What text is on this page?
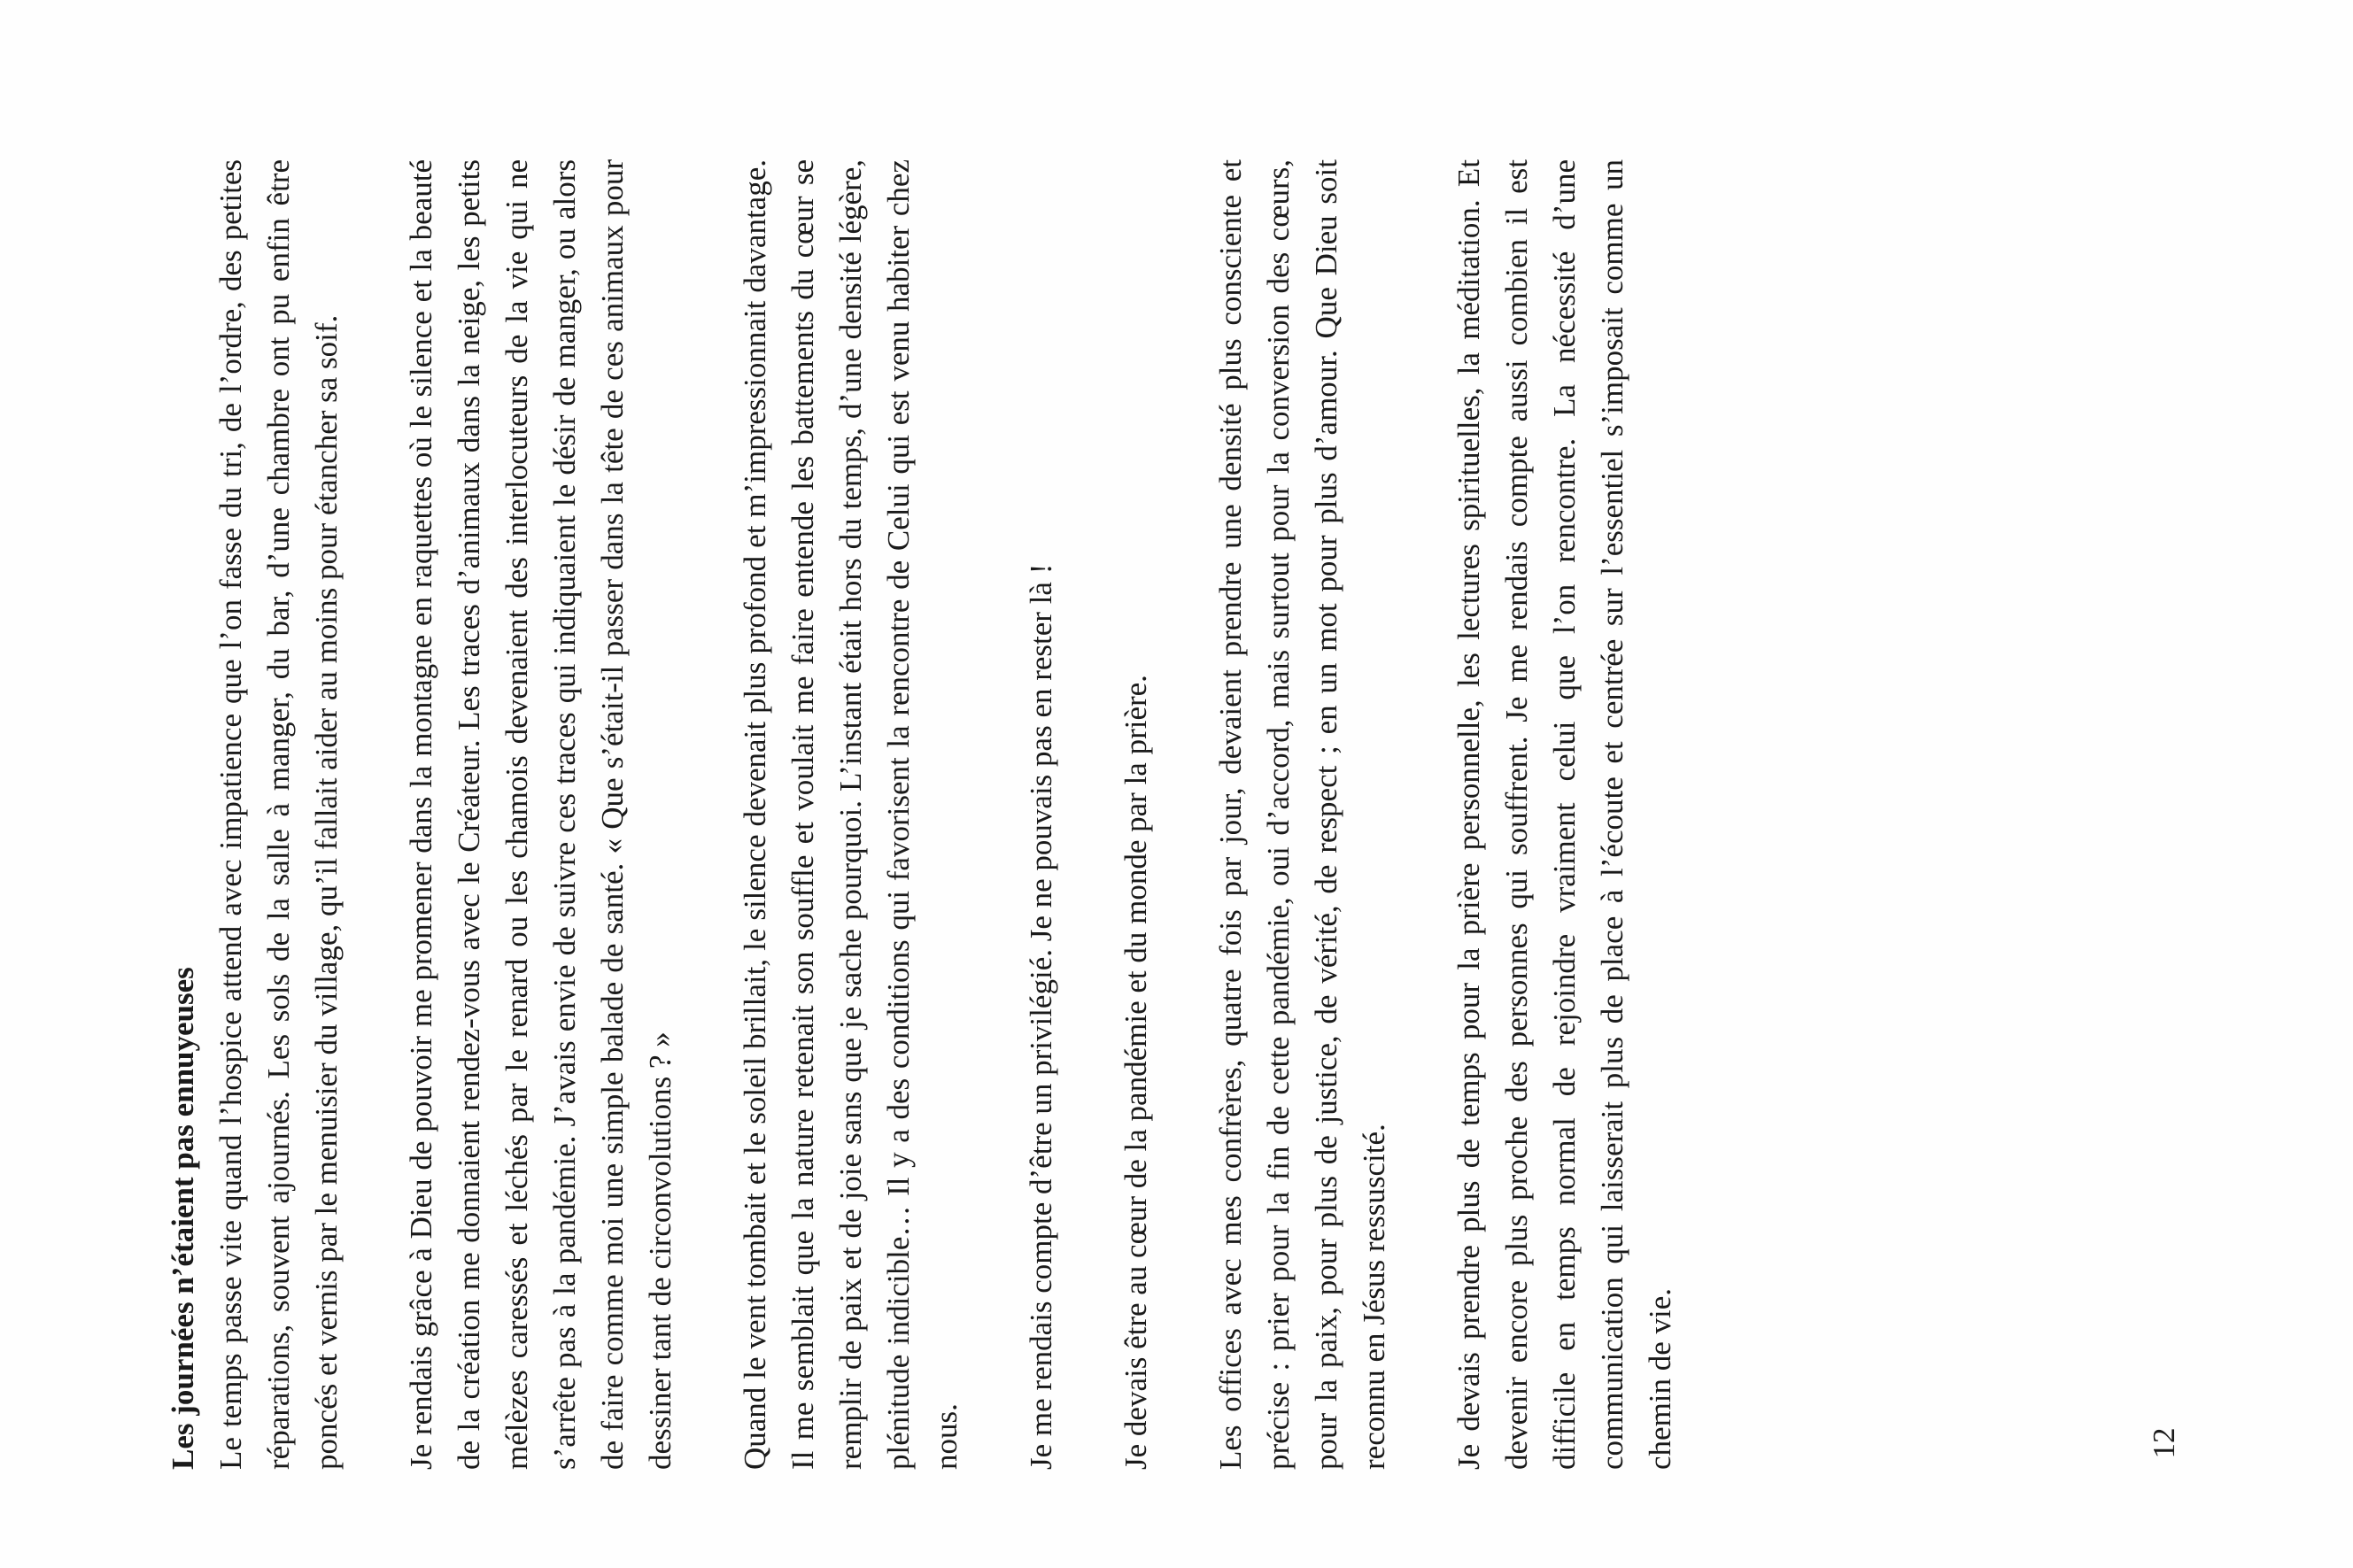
Les journées n’étaient pas ennuyeuses Le temps passe vite quand l’hospice attend avec impatience que l’on fasse du tri, de l’ordre, des petites réparations, souvent ajournés. Les sols de la salle à manger, du bar, d’une chambre ont pu enfin être poncés et vernis par le menuisier du village, qu’il fallait aider au moins pour étancher sa soif. Je rendais grâce à Dieu de pouvoir me promener dans la montagne en raquettes où le silence et la beauté de la création me donnaient rendez-vous avec le Créateur. Les traces d’animaux dans la neige, les petits mélèzes caressés et léchés par le renard ou les chamois devenaient des interlocuteurs de la vie qui ne s’arrête pas à la pandémie. J’avais envie de suivre ces traces qui indiquaient le désir de manger, ou alors de faire comme moi une simple balade de santé. « Que s’était-il passer dans la tête de ces animaux pour dessiner tant de circonvolutions ? » Quand le vent tombait et le soleil brillait, le silence devenait plus profond et m’impressionnait davantage. Il me semblait que la nature retenait son souffle et voulait me faire entende les battements du cœur se remplir de paix et de joie sans que je sache pourquoi. L’instant était hors du temps, d’une densité légère, plénitude indicible… Il y a des conditions qui favorisent la rencontre de Celui qui est venu habiter chez nous. Je me rendais compte d’être un privilégié. Je ne pouvais pas en rester là ! Je devais être au cœur de la pandémie et du monde par la prière. Les offices avec mes confrères, quatre fois par jour, devaient prendre une densité plus consciente et précise : prier pour la fin de cette pandémie, oui d’accord, mais surtout pour la conversion des cœurs, pour la paix, pour plus de justice, de vérité, de respect ; en un mot pour plus d’amour. Que Dieu soit reconnu en Jésus ressuscité. Je devais prendre plus de temps pour la prière personnelle, les lectures spirituelles, la méditation. Et devenir encore plus proche des personnes qui souffrent. Je me rendais compte aussi combien il est difficile en temps normal de rejoindre vraiment celui que l’on rencontre. La nécessité d’une communication qui laisserait plus de place à l’écoute et centrée sur l’essentiel s’imposait comme un chemin de vie.	12
